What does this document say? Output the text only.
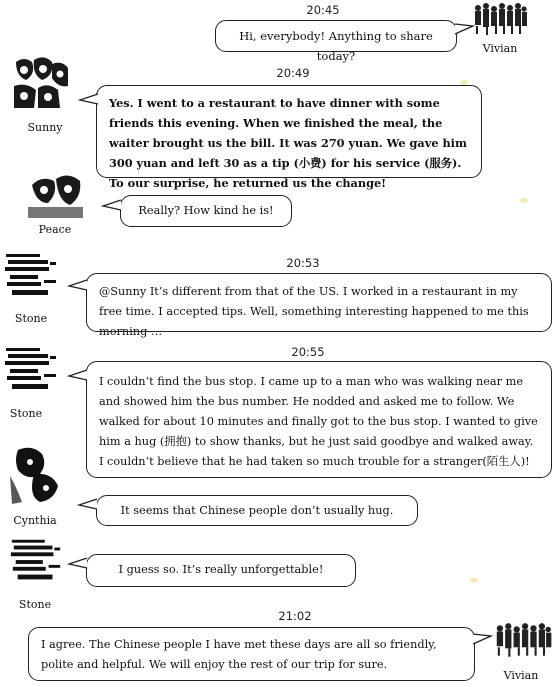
20:45
Vivian
Hi, everybody! Anything to share today?
20:49
Sunny
Yes. I went to a restaurant to have dinner with some friends this evening. When we finished the meal, the waiter brought us the bill. It was 270 yuan. We gave him 300 yuan and left 30 as a tip (小费) for his service (服务). To our surprise, he returned us the change!
Peace
Really? How kind he is!
20:53
Stone
@Sunny It’s different from that of the US. I worked in a restaurant in my free time. I accepted tips. Well, something interesting happened to me this morning …
20:55
Stone
I couldn’t find the bus stop. I came up to a man who was walking near me and showed him the bus number. He nodded and asked me to follow. We walked for about 10 minutes and finally got to the bus stop. I wanted to give him a hug (拥抱) to show thanks, but he just said goodbye and walked away. I couldn’t believe that he had taken so much trouble for a stranger(陌生人)!
Cynthia
It seems that Chinese people don’t usually hug.
Stone
I guess so. It’s really unforgettable!
21:02
Vivian
I agree. The Chinese people I have met these days are all so friendly, polite and helpful. We will enjoy the rest of our trip for sure.
